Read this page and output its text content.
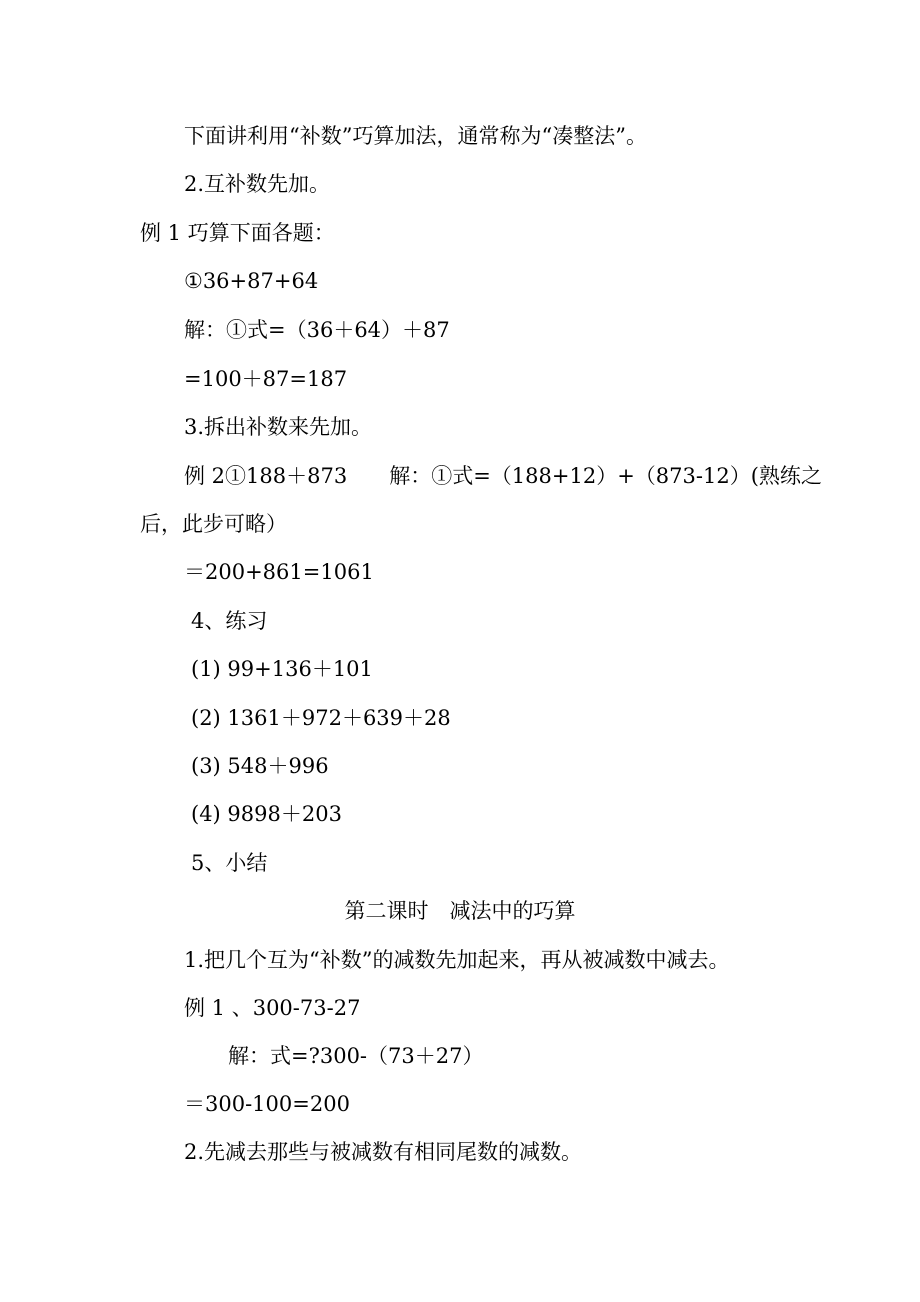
下面讲利用“补数”巧算加法，通常称为“凑整法”。
2.互补数先加。
例 1 巧算下面各题：
①36+87+64
解：①式=（36＋64）＋87
=100＋87=187
3.拆出补数来先加。
例 2①188＋873　　解：①式=（188+12）+（873-12）(熟练之
后，此步可略）
＝200+861=1061
4、练习
(1) 99+136＋101
(2) 1361＋972＋639＋28
(3) 548＋996
(4) 9898＋203
5、小结
第二课时　减法中的巧算
1.把几个互为“补数”的减数先加起来，再从被减数中减去。
例 1 、300-73-27
解：式=?300-（73＋27）
＝300-100=200
2.先减去那些与被减数有相同尾数的减数。
